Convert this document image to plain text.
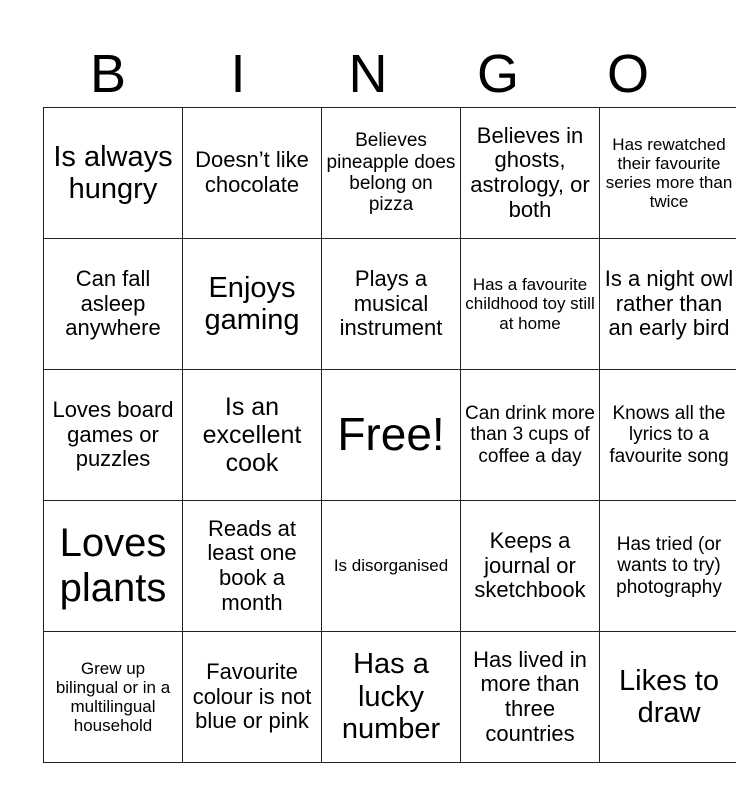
B	I	N	G	O
Is always hungry	Doesn’t like chocolate	Believes pineapple does belong on pizza	Believes in ghosts, astrology, or both	Has rewatched their favourite series more than twice
Can fall asleep anywhere	Enjoys gaming	Plays a musical instrument	Has a favourite childhood toy still at home	Is a night owl rather than an early bird
Loves board games or puzzles	Is an excellent cook	Free!	Can drink more than 3 cups of coffee a day	Knows all the lyrics to a favourite song
Loves plants	Reads at least one book a month	Is disorganised	Keeps a journal or sketchbook	Has tried (or wants to try) photography
Grew up bilingual or in a multilingual household	Favourite colour is not blue or pink	Has a lucky number	Has lived in more than three countries	Likes to draw
